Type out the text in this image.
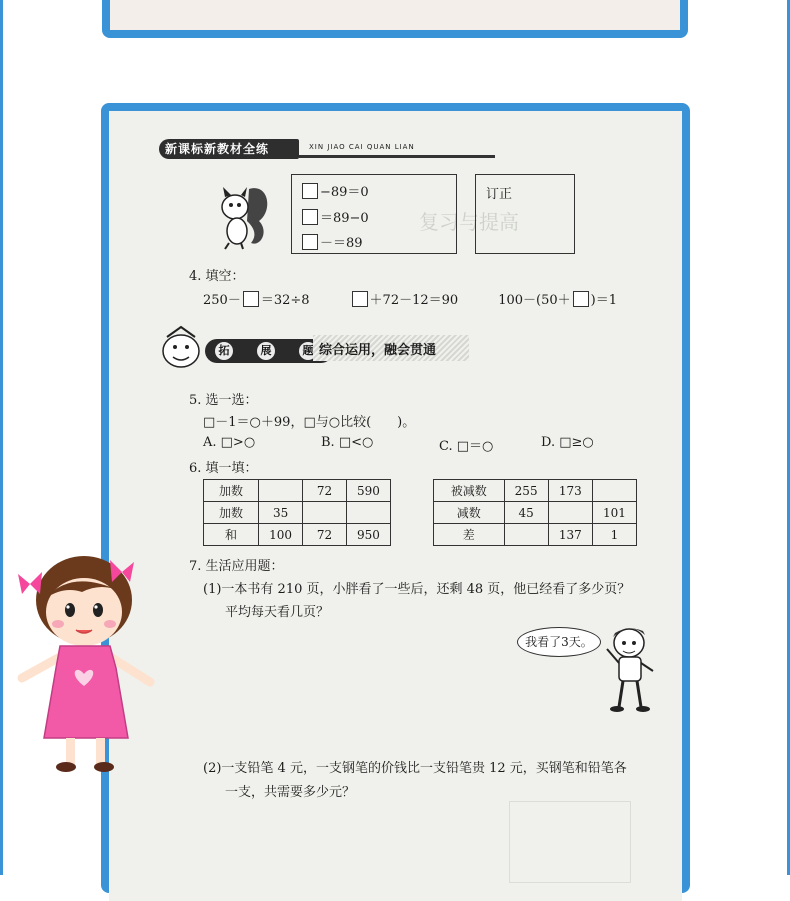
复习与提高
新课标新教材全练	XIN JIAO CAI QUAN LIAN
−89＝0
＝89−0
－＝89
订正
4. 填空：
250－ ＝32÷8	＋72－12＝90	100－(50＋ )＝1
拓	展	题 综合运用，融会贯通
5. 选一选：
□－1＝○＋99，□与○比较(　　)。
A. □>○	B. □<○	C. □＝○	D. □≥○
6. 填一填：
加数		72	590
加数	35		
和	100	72	950
被减数	255	173	
减数	45		101
差		137	1
7. 生活应用题：
(1)一本书有 210 页，小胖看了一些后，还剩 48 页，他已经看了多少页？
平均每天看几页？
我看了3天。
(2)一支铅笔 4 元，一支钢笔的价钱比一支铅笔贵 12 元，买钢笔和铅笔各
一支，共需要多少元？
